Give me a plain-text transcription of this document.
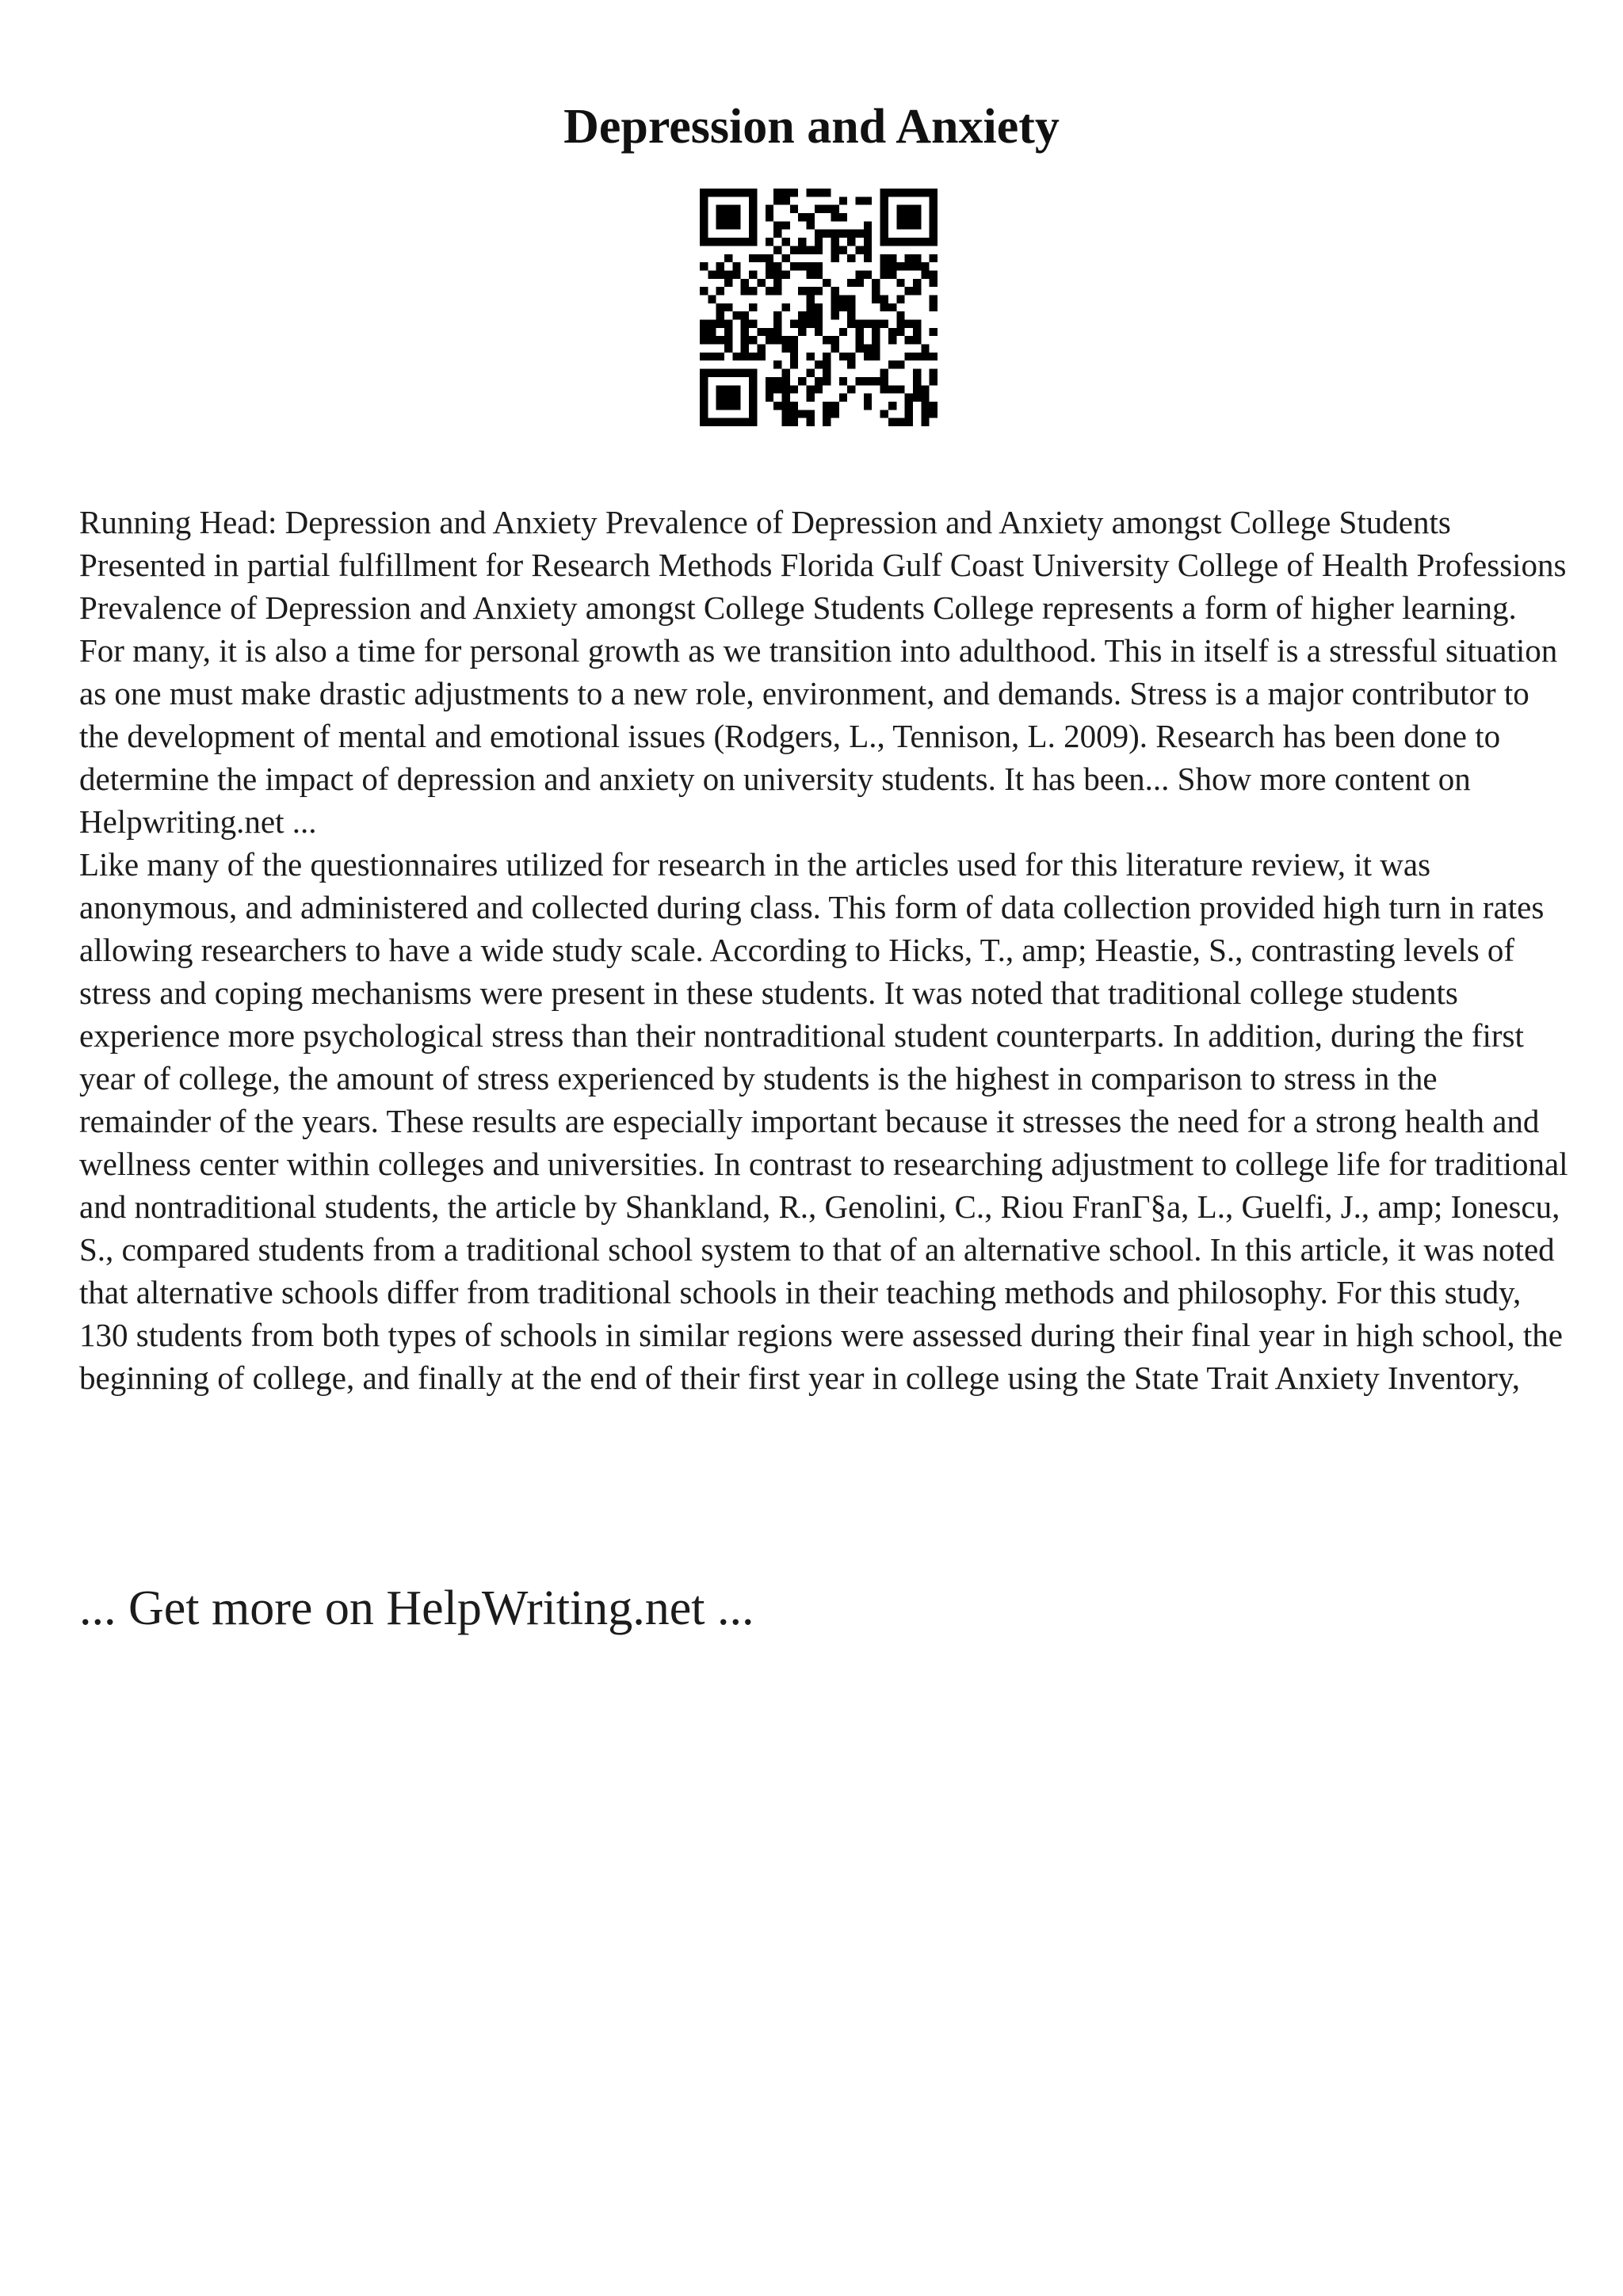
Depression and Anxiety

Running Head: Depression and Anxiety Prevalence of Depression and Anxiety amongst College Students Presented in partial fulfillment for Research Methods Florida Gulf Coast University College of Health Professions Prevalence of Depression and Anxiety amongst College Students College represents a form of higher learning. For many, it is also a time for personal growth as we transition into adulthood. This in itself is a stressful situation as one must make drastic adjustments to a new role, environment, and demands. Stress is a major contributor to the development of mental and emotional issues (Rodgers, L., Tennison, L. 2009). Research has been done to determine the impact of depression and anxiety on university students. It has been... Show more content on Helpwriting.net ...

Like many of the questionnaires utilized for research in the articles used for this literature review, it was anonymous, and administered and collected during class. This form of data collection provided high turn in rates allowing researchers to have a wide study scale. According to Hicks, T., amp; Heastie, S., contrasting levels of stress and coping mechanisms were present in these students. It was noted that traditional college students experience more psychological stress than their nontraditional student counterparts. In addition, during the first year of college, the amount of stress experienced by students is the highest in comparison to stress in the remainder of the years. These results are especially important because it stresses the need for a strong health and wellness center within colleges and universities. In contrast to researching adjustment to college life for traditional and nontraditional students, the article by Shankland, R., Genolini, C., Riou FranΓ§a, L., Guelfi, J., amp; Ionescu, S., compared students from a traditional school system to that of an alternative school. In this article, it was noted that alternative schools differ from traditional schools in their teaching methods and philosophy. For this study, 130 students from both types of schools in similar regions were assessed during their final year in high school, the beginning of college, and finally at the end of their first year in college using the State Trait Anxiety Inventory,

... Get more on HelpWriting.net ...
